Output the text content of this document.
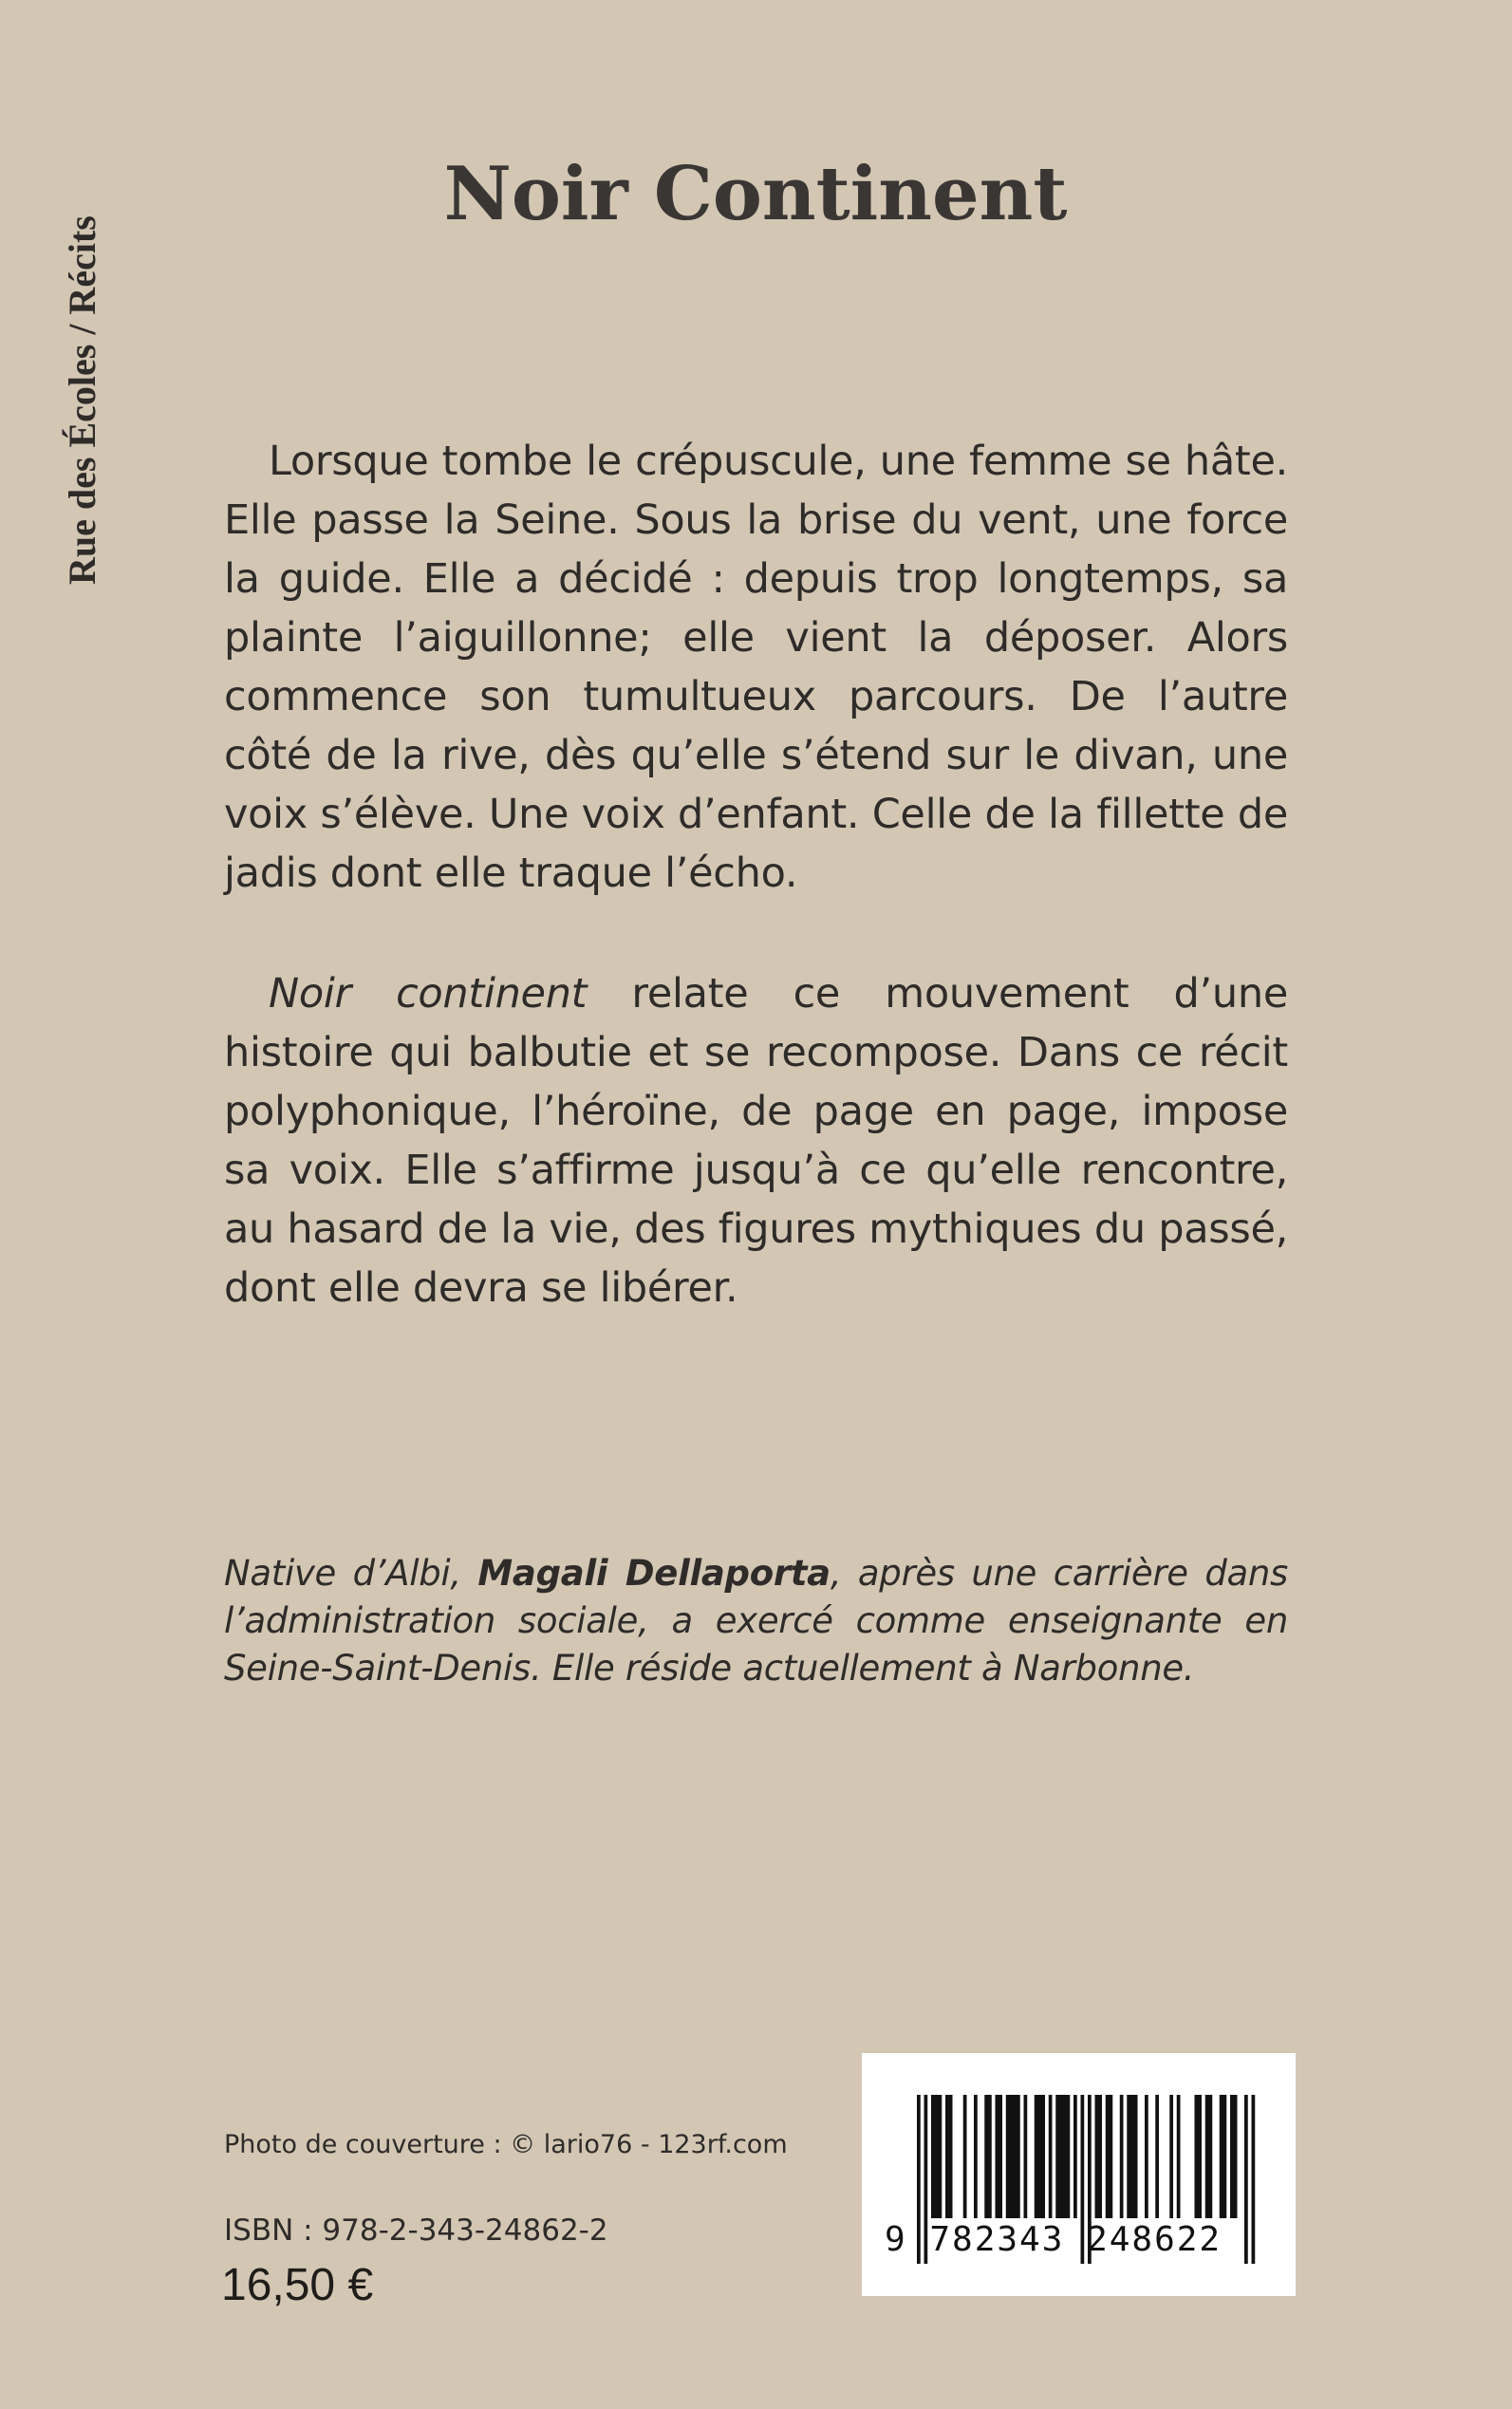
Rue des Écoles / Récits
Noir Continent

Lorsque tombe le crépuscule, une femme se hâte. Elle passe la Seine. Sous la brise du vent, une force la guide. Elle a décidé : depuis trop longtemps, sa plainte l’aiguillonne; elle vient la déposer. Alors commence son tumultueux parcours. De l’autre côté de la rive, dès qu’elle s’étend sur le divan, une voix s’élève. Une voix d’enfant. Celle de la fillette de jadis dont elle traque l’écho.

Noir continent relate ce mouvement d’une histoire qui balbutie et se recompose. Dans ce récit polyphonique, l’héroïne, de page en page, impose sa voix. Elle s’affirme jusqu’à ce qu’elle rencontre, au hasard de la vie, des figures mythiques du passé, dont elle devra se libérer.

Native d’Albi, Magali Dellaporta, après une carrière dans l’administration sociale, a exercé comme enseignante en Seine-Saint-Denis. Elle réside actuellement à Narbonne.
Photo de couverture : © lario76 - 123rf.com
ISBN : 978-2-343-24862-2
16,50 €
9 782343 248622
